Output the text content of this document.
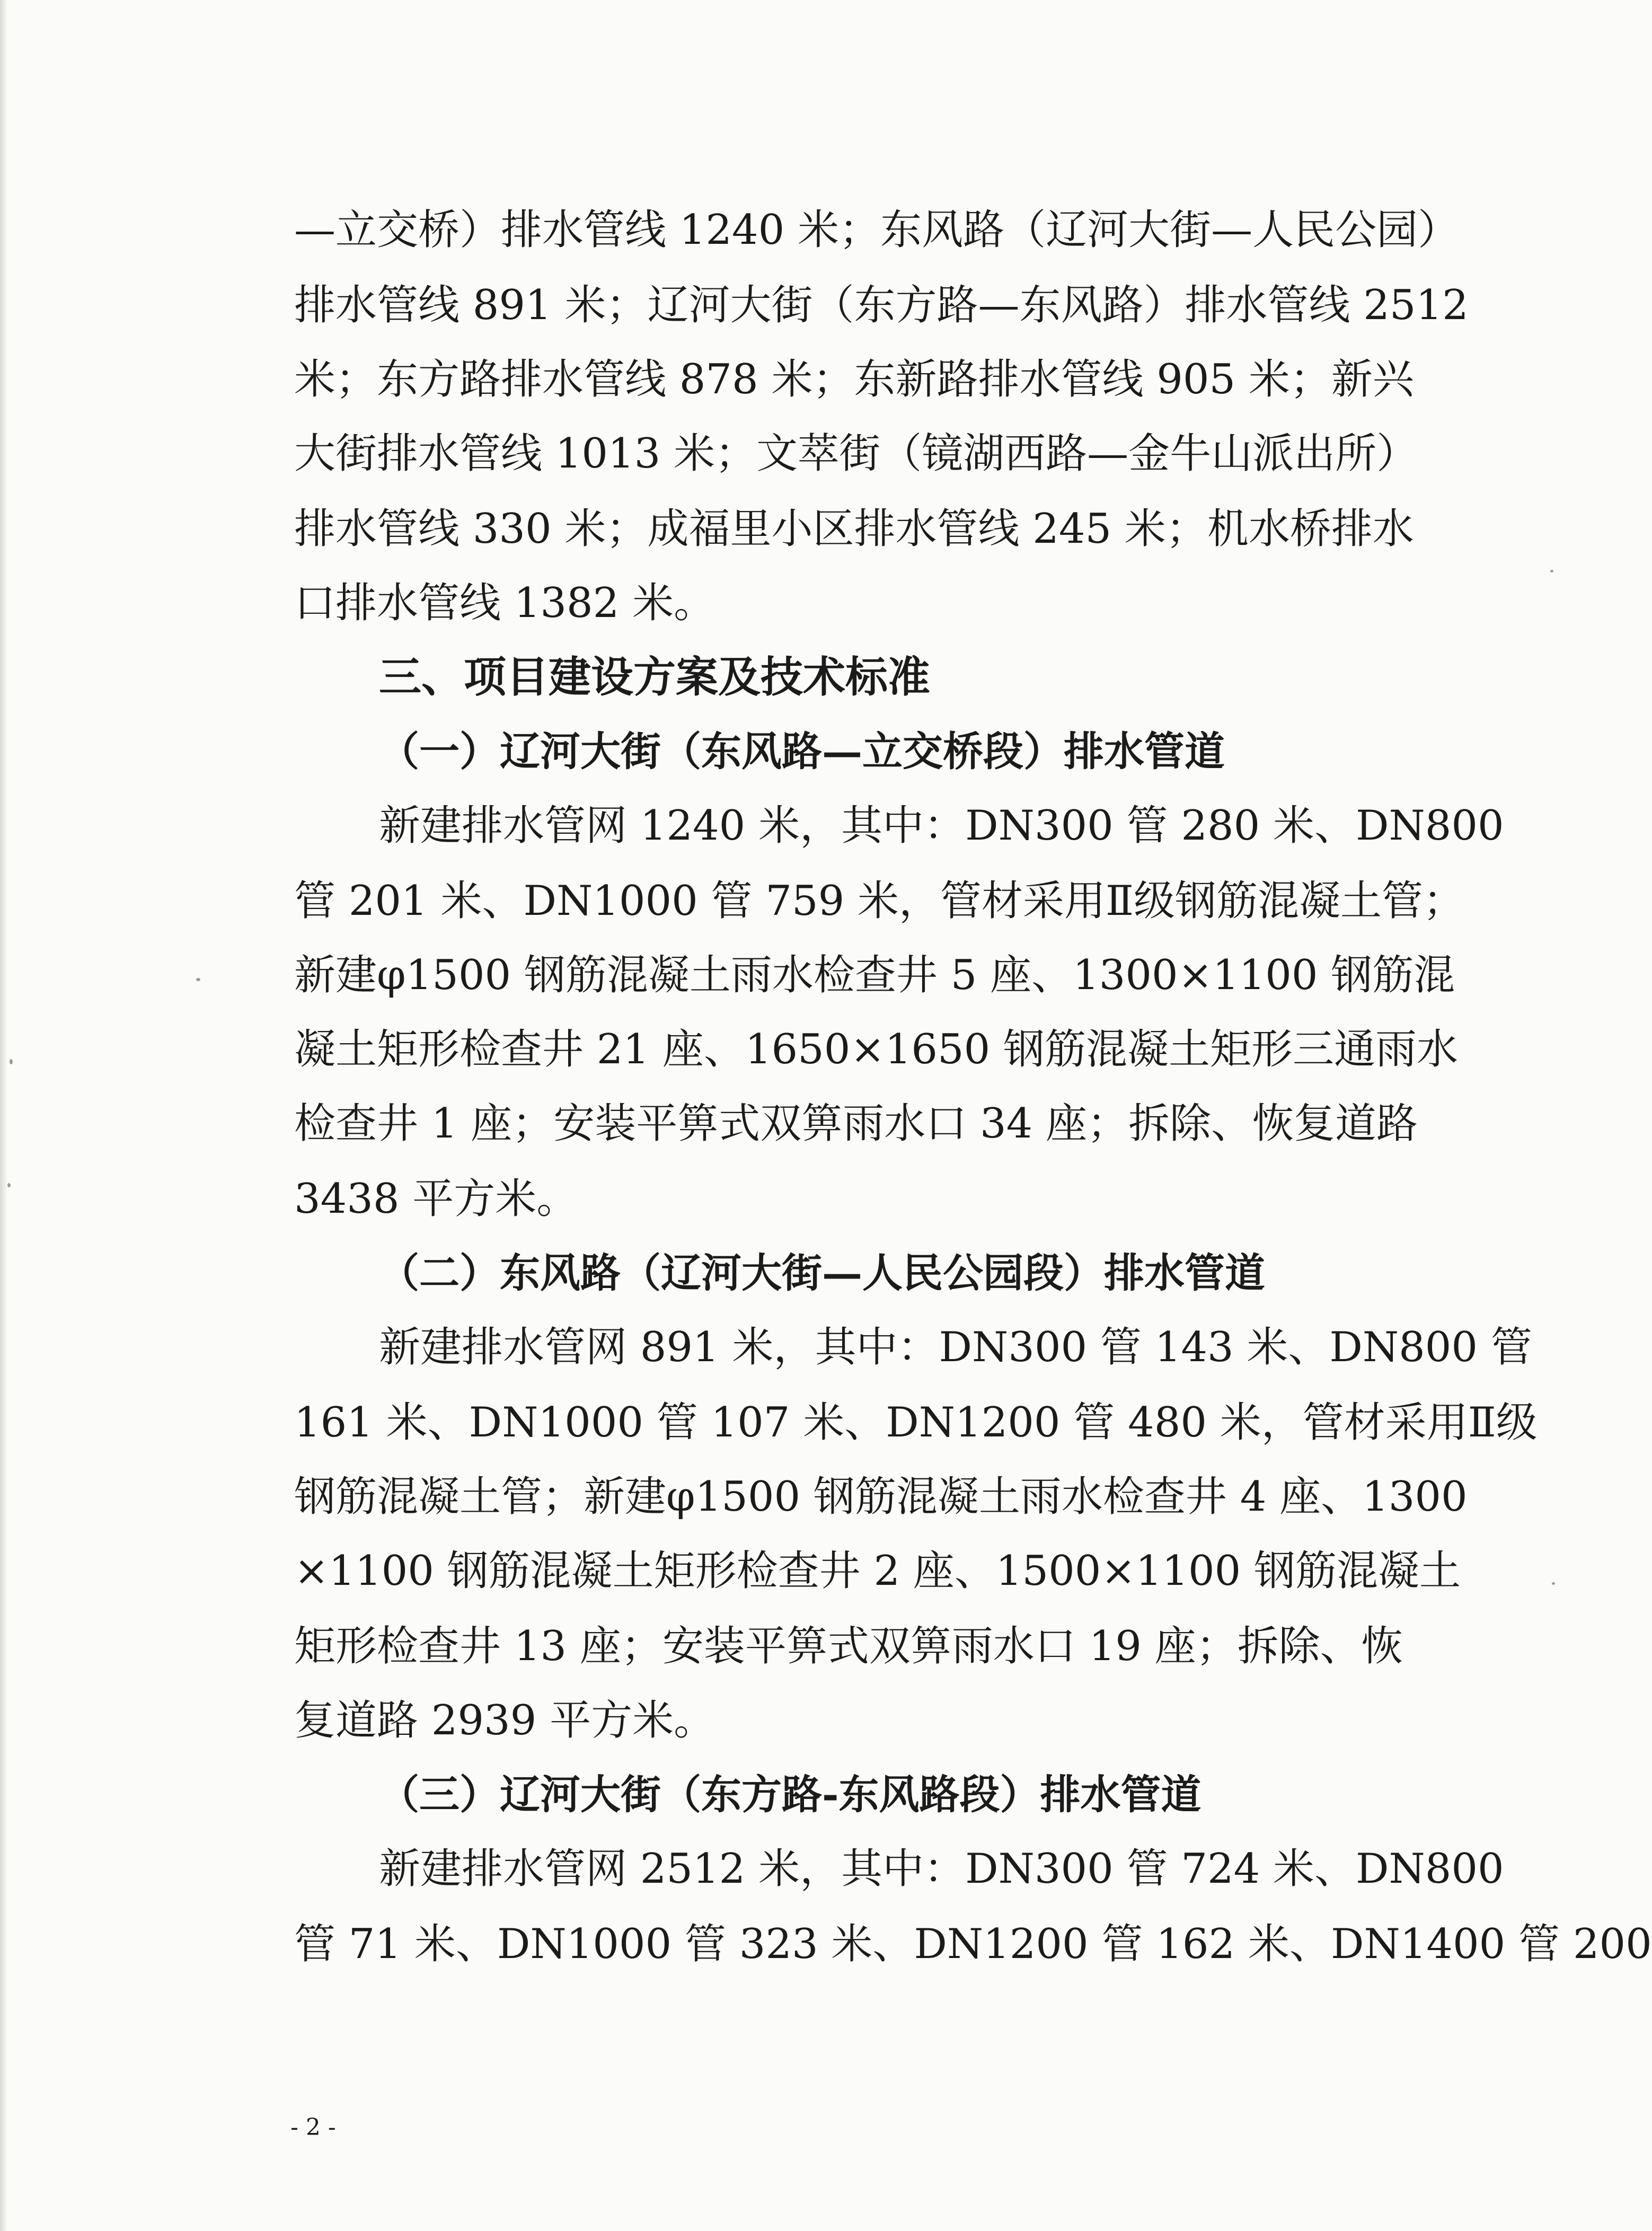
—立交桥）排水管线 1240 米；东风路（辽河大街—人民公园）
排水管线 891 米；辽河大街（东方路—东风路）排水管线 2512
米；东方路排水管线 878 米；东新路排水管线 905 米；新兴
大街排水管线 1013 米；文萃街（镜湖西路—金牛山派出所）
排水管线 330 米；成福里小区排水管线 245 米；机水桥排水
口排水管线 1382 米。
三、项目建设方案及技术标准
（一）辽河大街（东风路—立交桥段）排水管道
新建排水管网 1240 米，其中：DN300 管 280 米、DN800
管 201 米、DN1000 管 759 米，管材采用Ⅱ级钢筋混凝土管；
新建φ1500 钢筋混凝土雨水检查井 5 座、1300×1100 钢筋混
凝土矩形检查井 21 座、1650×1650 钢筋混凝土矩形三通雨水
检查井 1 座；安装平箅式双箅雨水口 34 座；拆除、恢复道路
3438 平方米。
（二）东风路（辽河大街—人民公园段）排水管道
新建排水管网 891 米，其中：DN300 管 143 米、DN800 管
161 米、DN1000 管 107 米、DN1200 管 480 米，管材采用Ⅱ级
钢筋混凝土管；新建φ1500 钢筋混凝土雨水检查井 4 座、1300
×1100 钢筋混凝土矩形检查井 2 座、1500×1100 钢筋混凝土
矩形检查井 13 座；安装平箅式双箅雨水口 19 座；拆除、恢
复道路 2939 平方米。
（三）辽河大街（东方路-东风路段）排水管道
新建排水管网 2512 米，其中：DN300 管 724 米、DN800
管 71 米、DN1000 管 323 米、DN1200 管 162 米、DN1400 管 200
- 2 -
